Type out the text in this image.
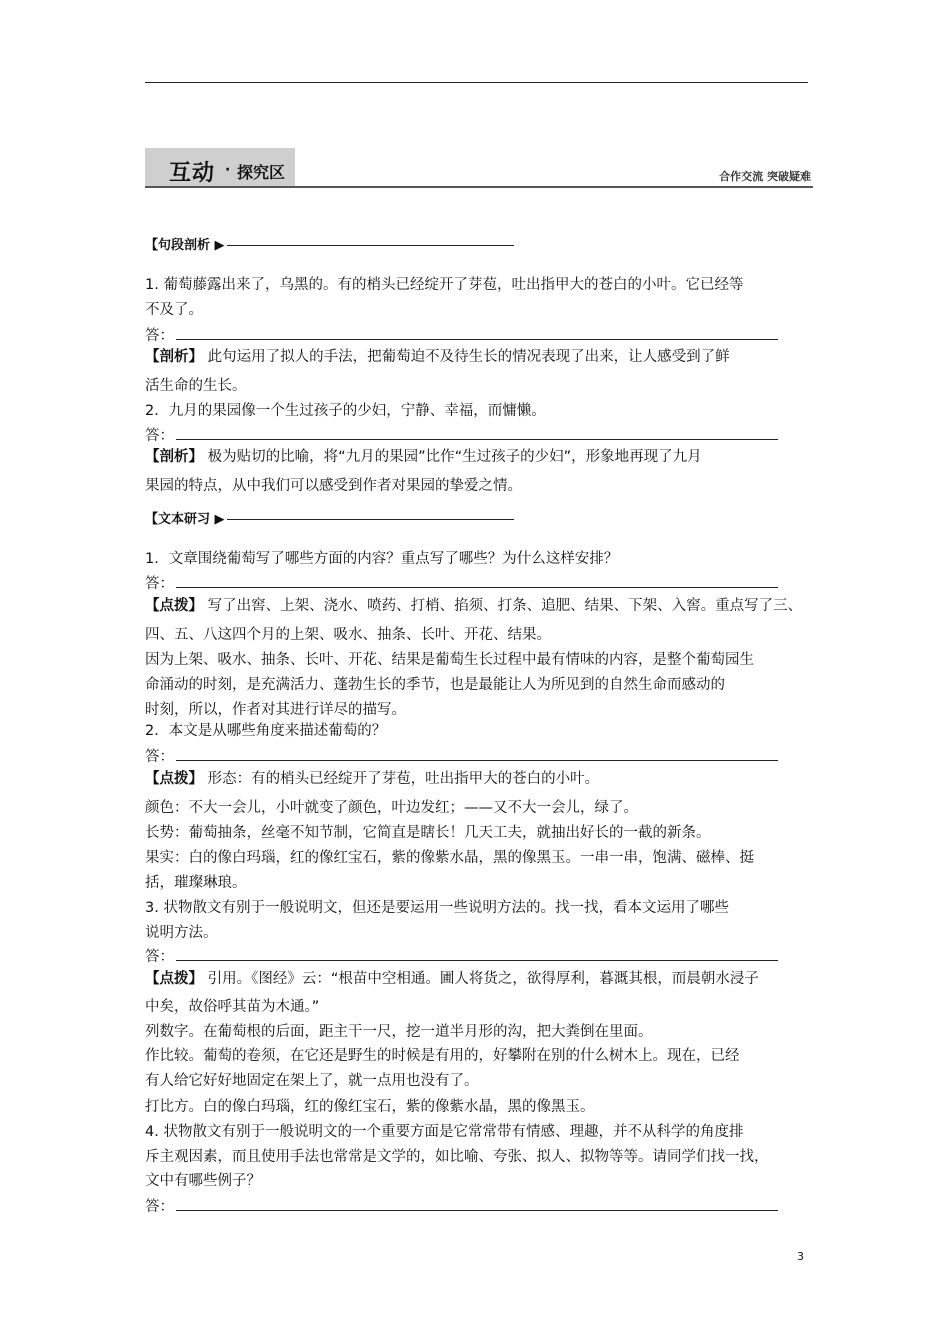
互动 · 探究区	合作交流 突破疑难
【句段剖析 ▶
1. 葡萄藤露出来了，乌黑的。有的梢头已经绽开了芽苞，吐出指甲大的苍白的小叶。它已经等
不及了。
答：
【剖析】 此句运用了拟人的手法，把葡萄迫不及待生长的情况表现了出来，让人感受到了鲜
活生命的生长。
2．九月的果园像一个生过孩子的少妇，宁静、幸福，而慵懒。
答：
【剖析】 极为贴切的比喻，将“九月的果园”比作“生过孩子的少妇”，形象地再现了九月
果园的特点，从中我们可以感受到作者对果园的挚爱之情。
【文本研习 ▶
1．文章围绕葡萄写了哪些方面的内容？重点写了哪些？为什么这样安排？
答：
【点拨】 写了出窖、上架、浇水、喷药、打梢、掐须、打条、追肥、结果、下架、入窖。重点写了三、
四、五、八这四个月的上架、吸水、抽条、长叶、开花、结果。
因为上架、吸水、抽条、长叶、开花、结果是葡萄生长过程中最有情味的内容，是整个葡萄园生
命涌动的时刻，是充满活力、蓬勃生长的季节，也是最能让人为所见到的自然生命而感动的
时刻，所以，作者对其进行详尽的描写。
2．本文是从哪些角度来描述葡萄的？
答：
【点拨】 形态：有的梢头已经绽开了芽苞，吐出指甲大的苍白的小叶。
颜色：不大一会儿，小叶就变了颜色，叶边发红；——又不大一会儿，绿了。
长势：葡萄抽条，丝毫不知节制，它简直是瞎长！几天工夫，就抽出好长的一截的新条。
果实：白的像白玛瑙，红的像红宝石，紫的像紫水晶，黑的像黑玉。一串一串，饱满、磁棒、挺
括，璀璨琳琅。
3. 状物散文有别于一般说明文，但还是要运用一些说明方法的。找一找，看本文运用了哪些
说明方法。
答：
【点拨】 引用。《图经》云：“根苗中空相通。圃人将货之，欲得厚利，暮溉其根，而晨朝水浸子
中矣，故俗呼其苗为木通。”
列数字。在葡萄根的后面，距主干一尺，挖一道半月形的沟，把大粪倒在里面。
作比较。葡萄的卷须，在它还是野生的时候是有用的，好攀附在别的什么树木上。现在，已经
有人给它好好地固定在架上了，就一点用也没有了。
打比方。白的像白玛瑙，红的像红宝石，紫的像紫水晶，黑的像黑玉。
4. 状物散文有别于一般说明文的一个重要方面是它常常带有情感、理趣，并不从科学的角度排
斥主观因素，而且使用手法也常常是文学的，如比喻、夸张、拟人、拟物等等。请同学们找一找，
文中有哪些例子？
答：
3
